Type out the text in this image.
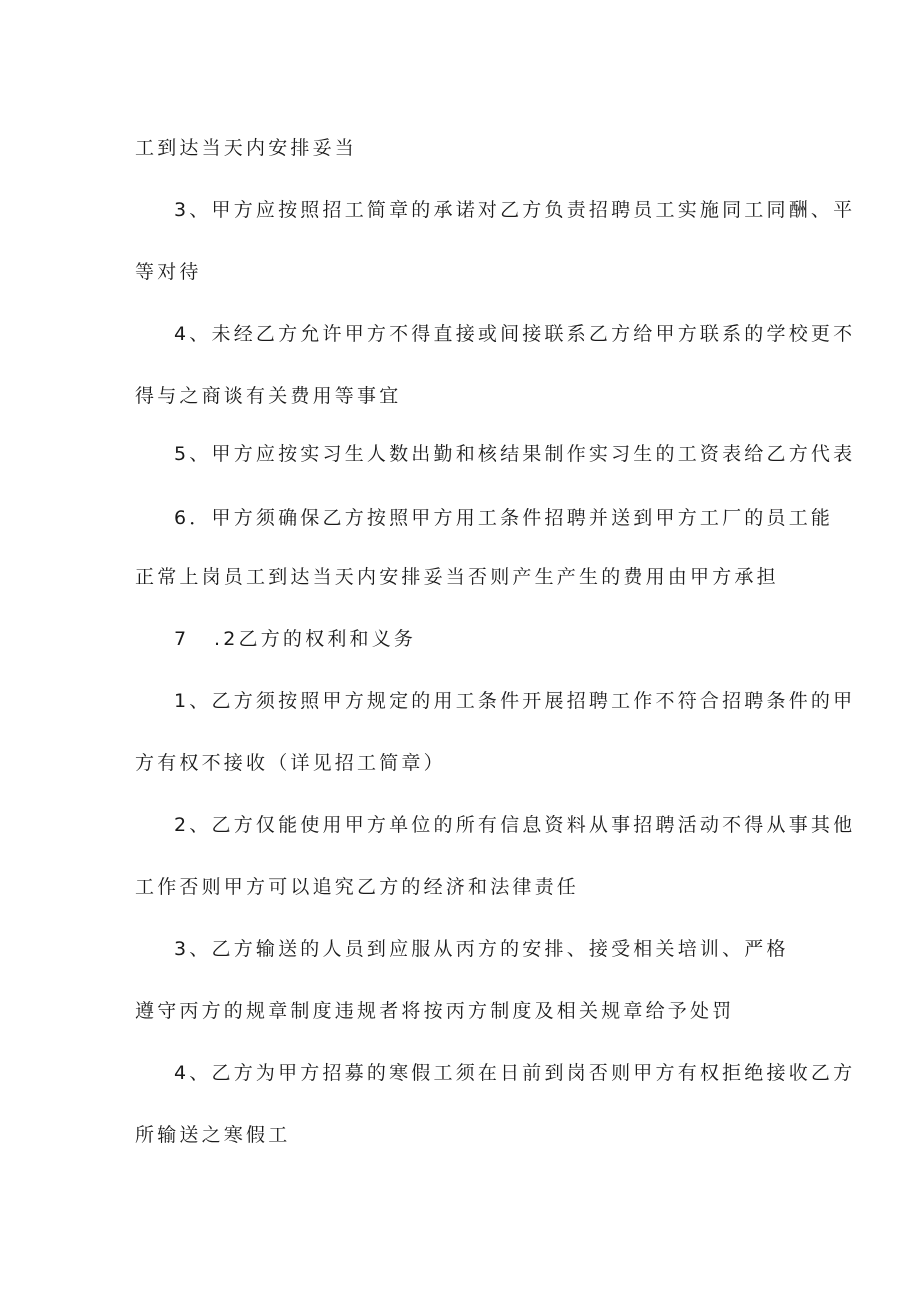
工到达当天内安排妥当
3、甲方应按照招工简章的承诺对乙方负责招聘员工实施同工同酬、平
等对待
4、未经乙方允许甲方不得直接或间接联系乙方给甲方联系的学校更不
得与之商谈有关费用等事宜
5、甲方应按实习生人数出勤和核结果制作实习生的工资表给乙方代表
6．甲方须确保乙方按照甲方用工条件招聘并送到甲方工厂的员工能
正常上岗员工到达当天内安排妥当否则产生产生的费用由甲方承担
7 .2乙方的权利和义务
1、乙方须按照甲方规定的用工条件开展招聘工作不符合招聘条件的甲
方有权不接收（详见招工简章）
2、乙方仅能使用甲方单位的所有信息资料从事招聘活动不得从事其他
工作否则甲方可以追究乙方的经济和法律责任
3、乙方输送的人员到应服从丙方的安排、接受相关培训、严格
遵守丙方的规章制度违规者将按丙方制度及相关规章给予处罚
4、乙方为甲方招募的寒假工须在日前到岗否则甲方有权拒绝接收乙方
所输送之寒假工
